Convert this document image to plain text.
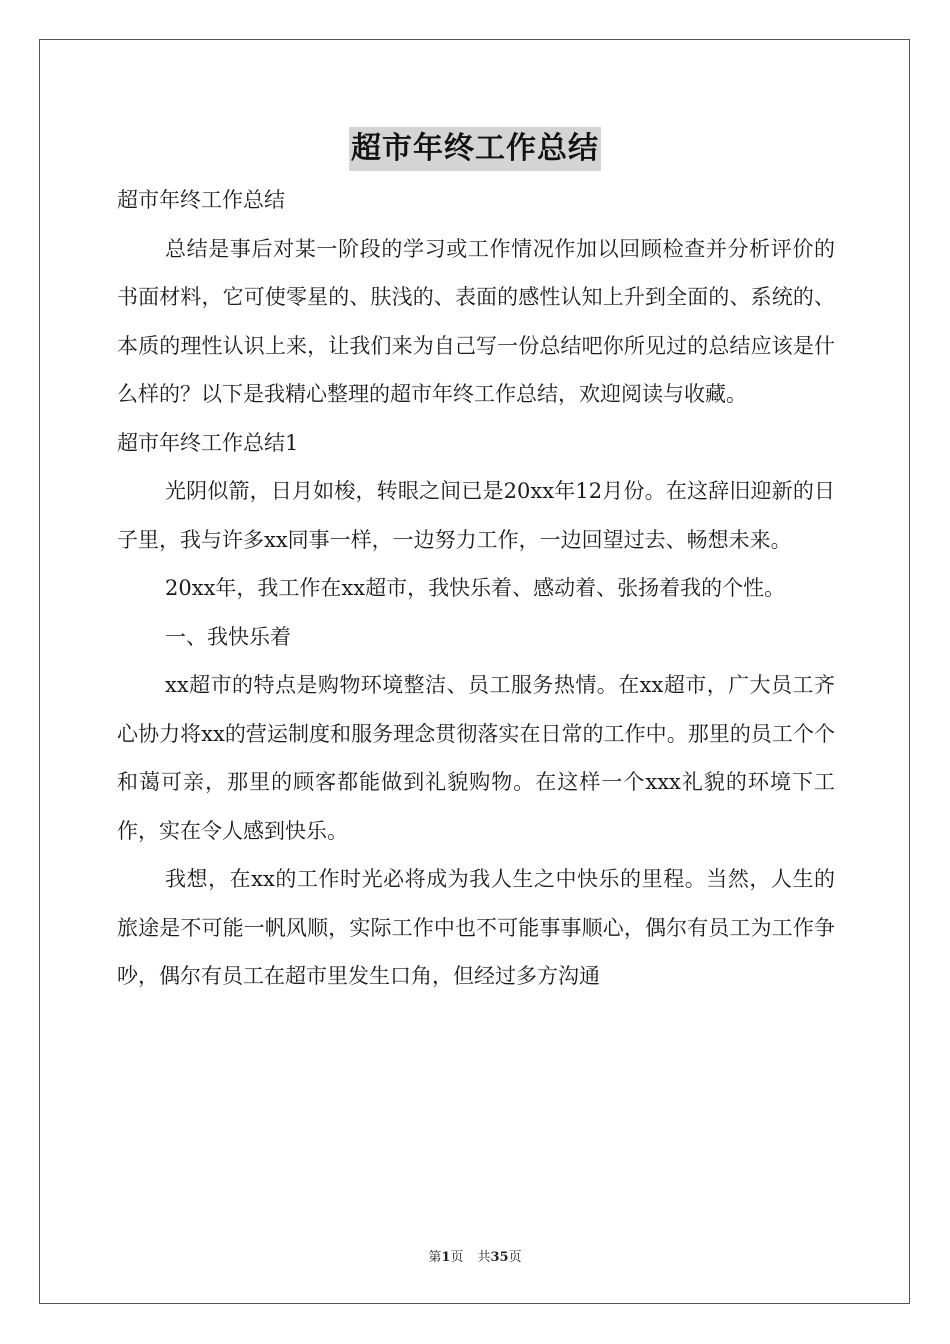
超市年终工作总结

超市年终工作总结

总结是事后对某一阶段的学习或工作情况作加以回顾检查并分析评价的书面材料，它可使零星的、肤浅的、表面的感性认知上升到全面的、系统的、本质的理性认识上来，让我们来为自己写一份总结吧你所见过的总结应该是什么样的？以下是我精心整理的超市年终工作总结，欢迎阅读与收藏。

超市年终工作总结1

光阴似箭，日月如梭，转眼之间已是20xx年12月份。在这辞旧迎新的日子里，我与许多xx同事一样，一边努力工作，一边回望过去、畅想未来。

20xx年，我工作在xx超市，我快乐着、感动着、张扬着我的个性。

一、我快乐着

xx超市的特点是购物环境整洁、员工服务热情。在xx超市，广大员工齐心协力将xx的营运制度和服务理念贯彻落实在日常的工作中。那里的员工个个和蔼可亲，那里的顾客都能做到礼貌购物。在这样一个xxx礼貌的环境下工作，实在令人感到快乐。

我想，在xx的工作时光必将成为我人生之中快乐的里程。当然，人生的旅途是不可能一帆风顺，实际工作中也不可能事事顺心，偶尔有员工为工作争吵，偶尔有员工在超市里发生口角，但经过多方沟通

第1页 共35页
